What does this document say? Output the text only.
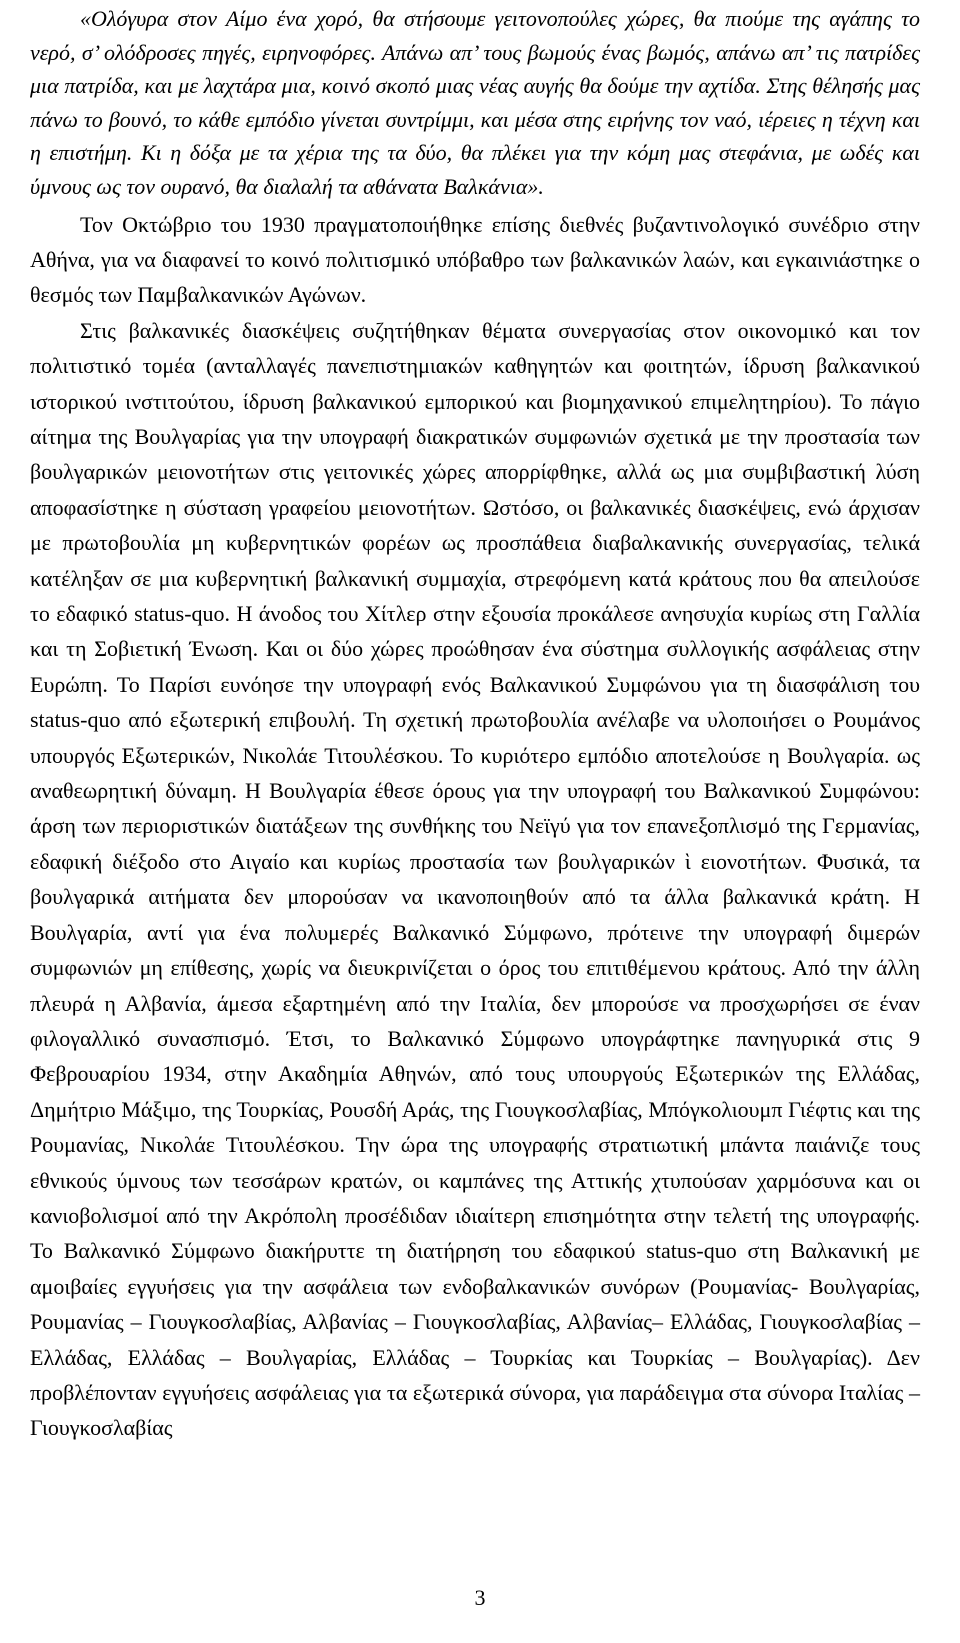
«Ολόγυρα στον Αίμο ένα χορό, θα στήσουμε γειτονοπούλες χώρες, θα πιούμε της αγάπης το νερό, σ’ ολόδροσες πηγές, ειρηνοφόρες. Απάνω απ’ τους βωμούς ένας βωμός, απάνω απ’ τις πατρίδες μια πατρίδα, και με λαχτάρα μια, κοινό σκοπό μιας νέας αυγής θα δούμε την αχτίδα. Στης θέλησής μας πάνω το βουνό, το κάθε εμπόδιο γίνεται συντρίμμι, και μέσα στης ειρήνης τον ναό, ιέρειες η τέχνη και η επιστήμη. Κι η δόξα με τα χέρια της τα δύο, θα πλέκει για την κόμη μας στεφάνια, με ωδές και ύμνους ως τον ουρανό, θα διαλαλή τα αθάνατα Βαλκάνια».

Τον Οκτώβριο του 1930 πραγματοποιήθηκε επίσης διεθνές βυζαντινολογικό συνέδριο στην Αθήνα, για να διαφανεί το κοινό πολιτισμικό υπόβαθρο των βαλκανικών λαών, και εγκαινιάστηκε ο θεσμός των Παμβαλκανικών Αγώνων.

Στις βαλκανικές διασκέψεις συζητήθηκαν θέματα συνεργασίας στον οικονομικό και τον πολιτιστικό τομέα (ανταλλαγές πανεπιστημιακών καθηγητών και φοιτητών, ίδρυση βαλκανικού ιστορικού ινστιτούτου, ίδρυση βαλκανικού εμπορικού και βιομηχανικού επιμελητηρίου). Το πάγιο αίτημα της Βουλγαρίας για την υπογραφή διακρατικών συμφωνιών σχετικά με την προστασία των βουλγαρικών μειονοτήτων στις γειτονικές χώρες απορρίφθηκε, αλλά ως μια συμβιβαστική λύση αποφασίστηκε η σύσταση γραφείου μειονοτήτων. Ωστόσο, οι βαλκανικές διασκέψεις, ενώ άρχισαν με πρωτοβουλία μη κυβερνητικών φορέων ως προσπάθεια διαβαλκανικής συνεργασίας, τελικά κατέληξαν σε μια κυβερνητική βαλκανική συμμαχία, στρεφόμενη κατά κράτους που θα απειλούσε το εδαφικό status-quo. Η άνοδος του Χίτλερ στην εξουσία προκάλεσε ανησυχία κυρίως στη Γαλλία και τη Σοβιετική Ένωση. Και οι δύο χώρες προώθησαν ένα σύστημα συλλογικής ασφάλειας στην Ευρώπη. Το Παρίσι ευνόησε την υπογραφή ενός Βαλκανικού Συμφώνου για τη διασφάλιση του status-quo από εξωτερική επιβουλή. Τη σχετική πρωτοβουλία ανέλαβε να υλοποιήσει ο Ρουμάνος υπουργός Εξωτερικών, Νικολάε Τιτουλέσκου. Το κυριότερο εμπόδιο αποτελούσε η Βουλγαρία. ως αναθεωρητική δύναμη. Η Βουλγαρία έθεσε όρους για την υπογραφή του Βαλκανικού Συμφώνου: άρση των περιοριστικών διατάξεων της συνθήκης του Νεϊγύ για τον επανεξοπλισμό της Γερμανίας, εδαφική διέξοδο στο Αιγαίο και κυρίως προστασία των βουλγαρικών ὶ ειονοτήτων. Φυσικά, τα βουλγαρικά αιτήματα δεν μπορούσαν να ικανοποιηθούν από τα άλλα βαλκανικά κράτη. Η Βουλγαρία, αντί για ένα πολυμερές Βαλκανικό Σύμφωνο, πρότεινε την υπογραφή διμερών συμφωνιών μη επίθεσης, χωρίς να διευκρινίζεται ο όρος του επιτιθέμενου κράτους. Από την άλλη πλευρά η Αλβανία, άμεσα εξαρτημένη από την Ιταλία, δεν μπορούσε να προσχωρήσει σε έναν φιλογαλλικό συνασπισμό. Έτσι, το Βαλκανικό Σύμφωνο υπογράφτηκε πανηγυρικά στις 9 Φεβρουαρίου 1934, στην Ακαδημία Αθηνών, από τους υπουργούς Εξωτερικών της Ελλάδας, Δημήτριο Μάξιμο, της Τουρκίας, Ρουσδή Αράς, της Γιουγκοσλαβίας, Μπόγκολιουμπ Γιέφτις και της Ρουμανίας, Νικολάε Τιτουλέσκου. Την ώρα της υπογραφής στρατιωτική μπάντα παιάνιζε τους εθνικούς ύμνους των τεσσάρων κρατών, οι καμπάνες της Αττικής χτυπούσαν χαρμόσυνα και οι κανιοβολισμοί από την Ακρόπολη προσέδιδαν ιδιαίτερη επισημότητα στην τελετή της υπογραφής. Το Βαλκανικό Σύμφωνο διακήρυττε τη διατήρηση του εδαφικού status-quo στη Βαλκανική με αμοιβαίες εγγυήσεις για την ασφάλεια των ενδοβαλκανικών συνόρων (Ρουμανίας- Βουλγαρίας, Ρουμανίας – Γιουγκοσλαβίας, Αλβανίας – Γιουγκοσλαβίας, Αλβανίας– Ελλάδας, Γιουγκοσλαβίας – Ελλάδας, Ελλάδας – Βουλγαρίας, Ελλάδας – Τουρκίας και Τουρκίας – Βουλγαρίας). Δεν προβλέπονταν εγγυήσεις ασφάλειας για τα εξωτερικά σύνορα, για παράδειγμα στα σύνορα Ιταλίας – Γιουγκοσλαβίας

3
